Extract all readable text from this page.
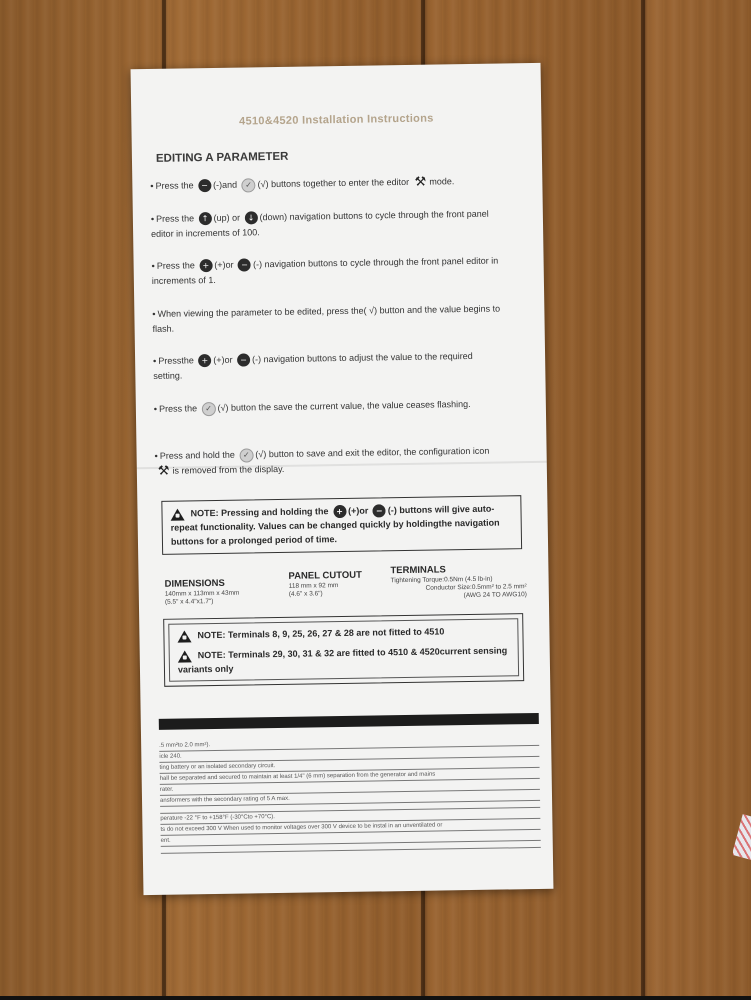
4510&4520 Installation Instructions
EDITING A PARAMETER
• Press the − (-)and ✓ (√) buttons together to enter the editor ⚒ mode.
• Press the ↑ (up) or ↓ (down) navigation buttons to cycle through the front panel editor in increments of 100.
• Press the + (+)or − (-) navigation buttons to cycle through the front panel editor in increments of 1.
• When viewing the parameter to be edited, press the( √) button and the value begins to flash.
• Pressthe + (+)or − (-) navigation buttons to adjust the value to the required setting.
• Press the ✓ (√) button the save the current value, the value ceases flashing.
• Press and hold the ✓ (√) button to save and exit the editor, the configuration icon ⚒ is removed from the display.
NOTE: Pressing and holding the + (+)or − (-) buttons will give auto-repeat functionality. Values can be changed quickly by holdingthe navigation buttons for a prolonged period of time.
DIMENSIONS
140mm x 113mm x 43mm
(5.5" x 4.4"x1.7")
PANEL CUTOUT
118 mm x 92 mm
(4.6" x 3.6")
TERMINALS
Tightening Torque:0.5Nm (4.5 lb-in)
Conductor Size:0.5mm² to 2.5 mm²
(AWG 24 TO AWG10)
NOTE: Terminals 8, 9, 25, 26, 27 & 28 are not fitted to 4510
NOTE: Terminals 29, 30, 31 & 32 are fitted to 4510 & 4520current sensing variants only
.5 mm²to 2.0 mm²).
icle 240.
ting battery or an isolated secondary circuit.
hall be separated and secured to maintain at least 1/4" (6 mm) separation from the generator and mains
rater.
ansformers with the secondary rating of 5 A max.
perature -22 °F to +158°F (-30°Cto +70°C).
ts do not exceed 300 V When used to monitor voltages over 300 V device to be instal in an unventilated or
ent.
